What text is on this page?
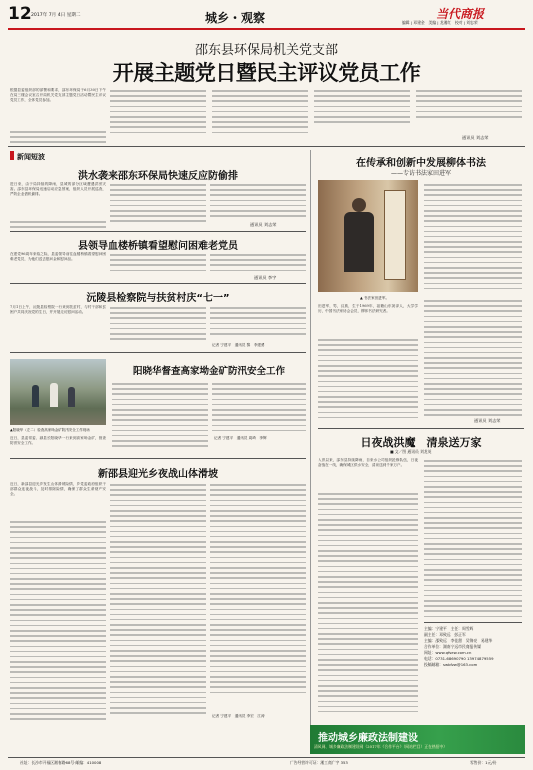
12 2017年 7月 4日 星期二	城乡・观察	当代商报
编辑 | 邓建金　美编 | 龙湘红　校对 | 刘忠荣
邵东县环保局机关党支部
开展主题党日暨民主评议党员工作
根据县委组织部的部署和要求，邵东环保局于6月30日下午在局三楼会议室召开局机关党支部主题党日活动暨民主评议党员工作，全体党员参加。
通讯员 刘志荣
新闻短波
洪水袭来邵东环保局快速反应防偷排
进日来，由于局持续的降雨，县城的部分区域遭遇洪涝灾害。邵东县环保局迅速启动应急预案，组织人员开展巡查，严防企业借机偷排。
通讯员 刘志荣
县领导血楼桥镇看望慰问困难老党员
在建党96周年来临之际，县委领导前往血楼桥镇看望慰问困难老党员，为他们送去慰问金和慰问品。
通讯员 李宇
沅陵县检察院与扶贫村庆“七一”
7月1日上午，沅陵县检察院一行来到扶贫村，与村干部和贫困户共同庆祝党的生日，并开展走访慰问活动。
记者 宁建平　通讯员 黎　李建勇
▲阳晓华（左二）检查高家坳金矿防汛安全工作现场
阳晓华督查高家坳金矿防汛安全工作
近日，县委常委、副县长阳晓华一行来到高家坳金矿，督查防汛安全工作。
记者 宁建平　通讯员 周琦　李辉
新邵县迎光乡夜战山体滑坡
近日，新邵县迎光乡发生山体滑坡险情，乡党委政府组织干部群众连夜战斗，及时排除险情，确保了群众生命财产安全。
记者 宁建平　通讯员 李宏　江涛
在传承和创新中发展柳体书法
——专访书法家田进军
▲ 书法家田进军。
田进军，男，汉族，生于1969年，祖籍山东菏泽人，大学学历，中国书法家协会会员，柳体书法研究者。
通讯员 刘志荣
日夜战洪魔　清泉送万家
■ 文／图 通讯员 刘龙英
入汛以来，邵东县持续降雨，自来水公司组织抢修队伍，日夜奋战在一线，确保城区供水安全，清泉送到千家万户。
主编：宁建平　主任：周雪辉
副主任：邓致远　彭正军
主编：邵致远　李佳甜　吴锦亮　易建华
合作单位：湖南宁远市民商报传媒
网址：www.qfsew.com.cn
电话：0731-68690790 13974879559
投稿邮箱：swbfzw@163.com
推动城乡廉政法制建设
清风网、城乡廉政法制建设网（2017年《合作平台》（网站栏目）正在热招中）
社址：长沙市开福区湘春路68号·邮编：410008	广告经营许可证：湘工商广字 353	零售价：1元/份
